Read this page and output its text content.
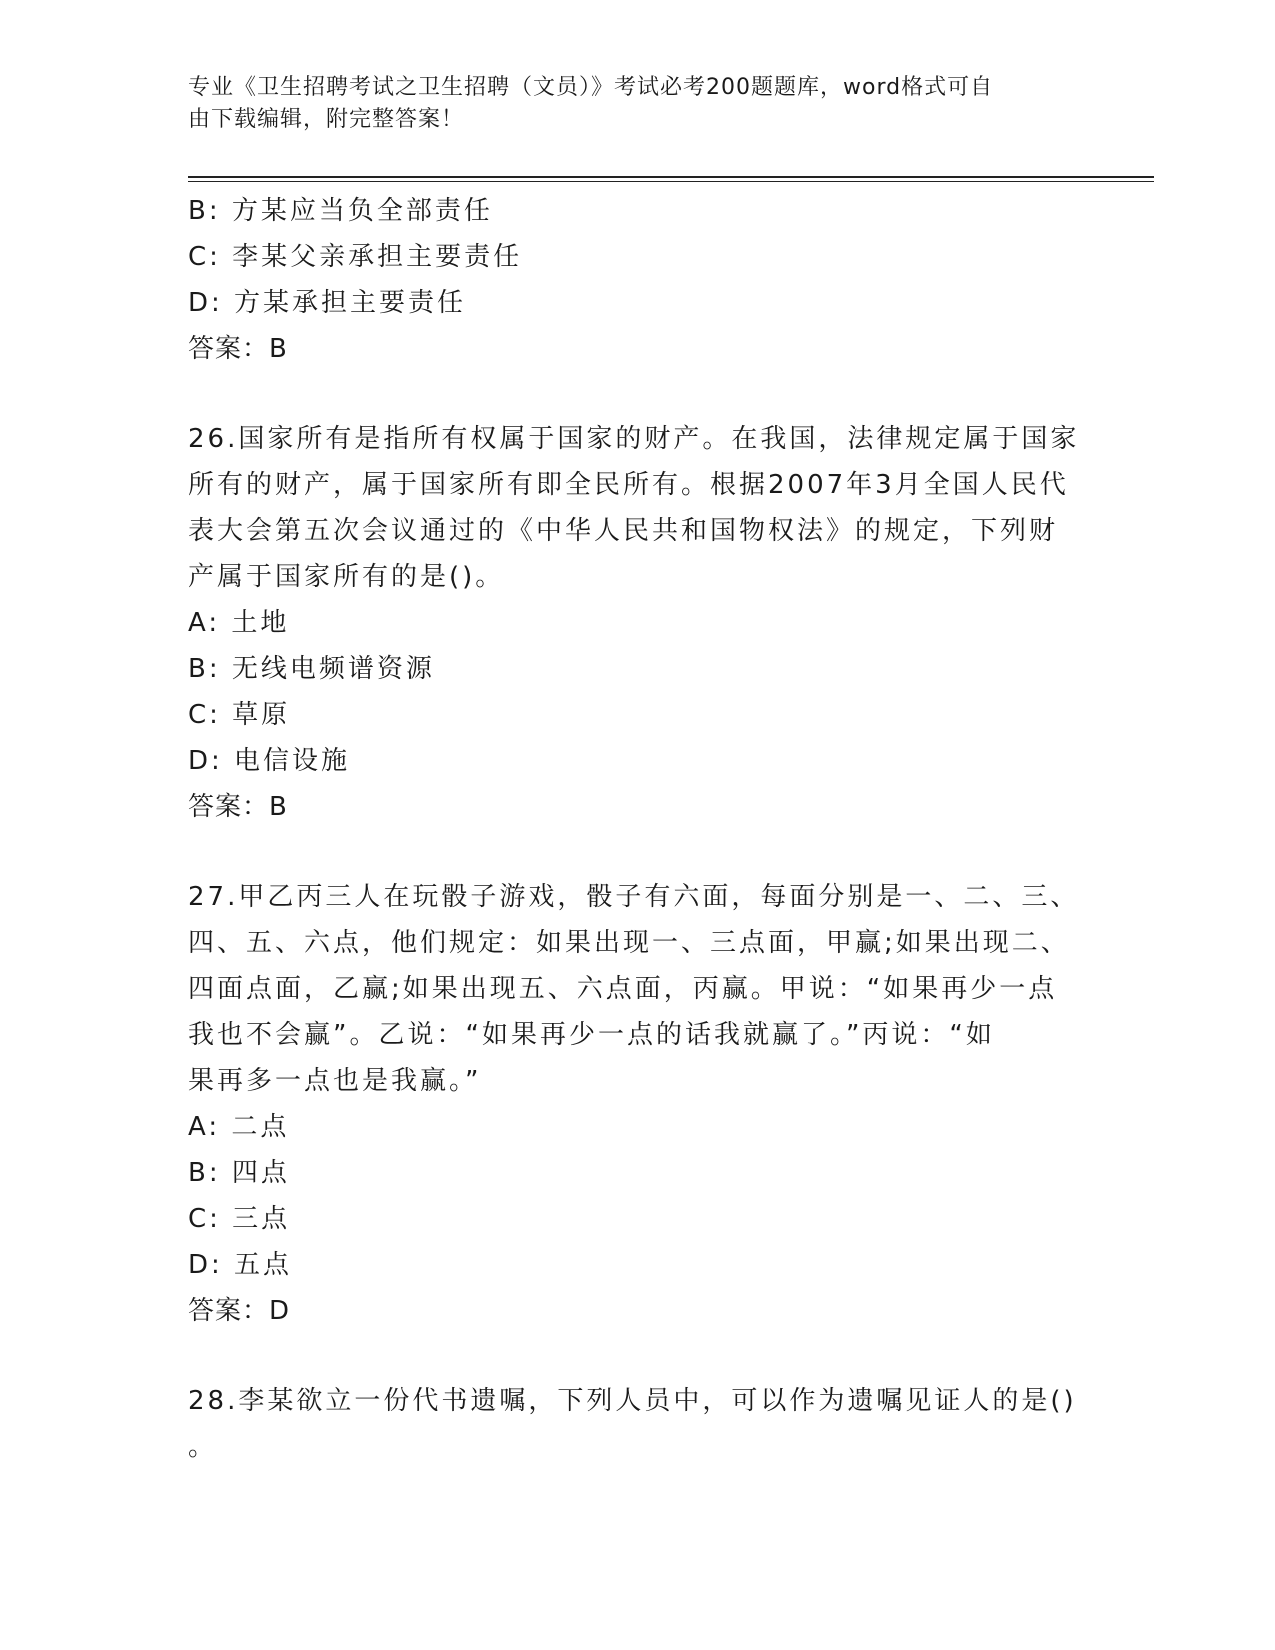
专业《卫生招聘考试之卫生招聘（文员）》考试必考200题题库，word格式可自
由下载编辑，附完整答案！
B: 方某应当负全部责任
C: 李某父亲承担主要责任
D: 方某承担主要责任
答案：B
26.国家所有是指所有权属于国家的财产。在我国，法律规定属于国家
所有的财产，属于国家所有即全民所有。根据2007年3月全国人民代
表大会第五次会议通过的《中华人民共和国物权法》的规定，下列财
产属于国家所有的是()。
A: 土地
B: 无线电频谱资源
C: 草原
D: 电信设施
答案：B
27.甲乙丙三人在玩骰子游戏，骰子有六面，每面分别是一、二、三、
四、五、六点，他们规定：如果出现一、三点面，甲赢;如果出现二、
四面点面，乙赢;如果出现五、六点面，丙赢。甲说：“如果再少一点
我也不会赢”。乙说：“如果再少一点的话我就赢了。”丙说：“如
果再多一点也是我赢。”
A: 二点
B: 四点
C: 三点
D: 五点
答案：D
28.李某欲立一份代书遗嘱，下列人员中，可以作为遗嘱见证人的是()
。
